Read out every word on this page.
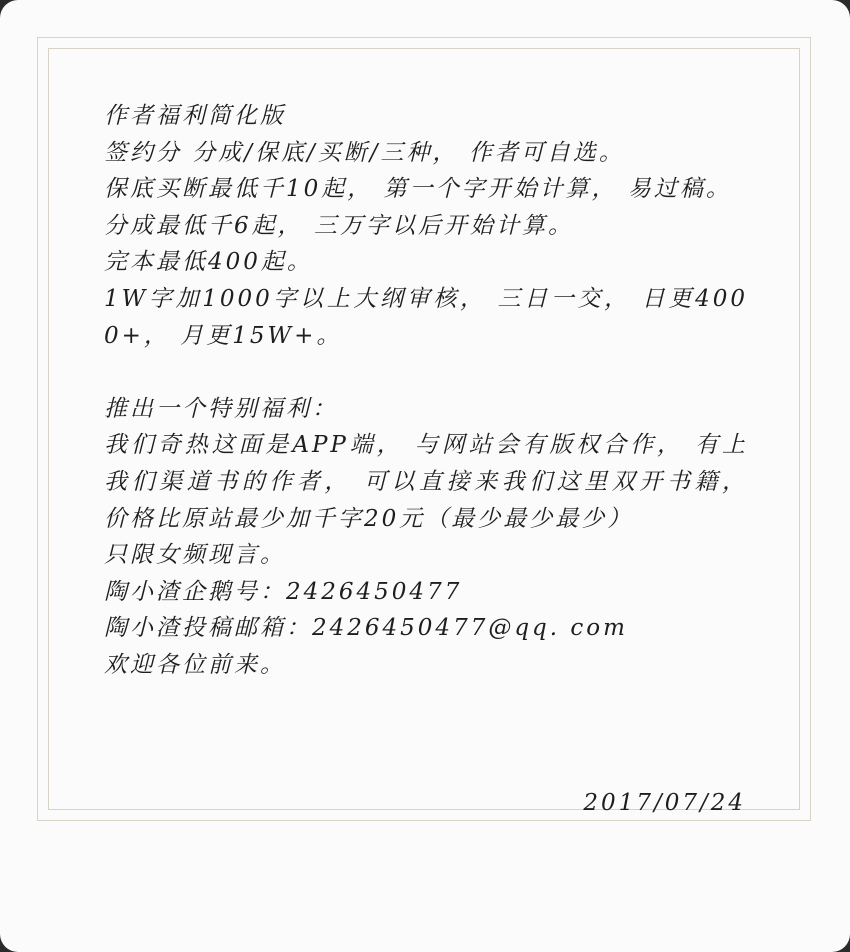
作者福利简化版
签约分 分成/保底/买断/三种， 作者可自选。
保底买断最低千10起， 第一个字开始计算， 易过稿。
分成最低千6起， 三万字以后开始计算。
完本最低400起。
1W字加1000字以上大纲审核， 三日一交， 日更4000+， 月更15W+。
推出一个特别福利：
我们奇热这面是APP端， 与网站会有版权合作， 有上我们渠道书的作者， 可以直接来我们这里双开书籍， 价格比原站最少加千字20元（最少最少最少）
只限女频现言。
陶小渣企鹅号：2426450477
陶小渣投稿邮箱：2426450477@qq. com
欢迎各位前来。
2017/07/24
